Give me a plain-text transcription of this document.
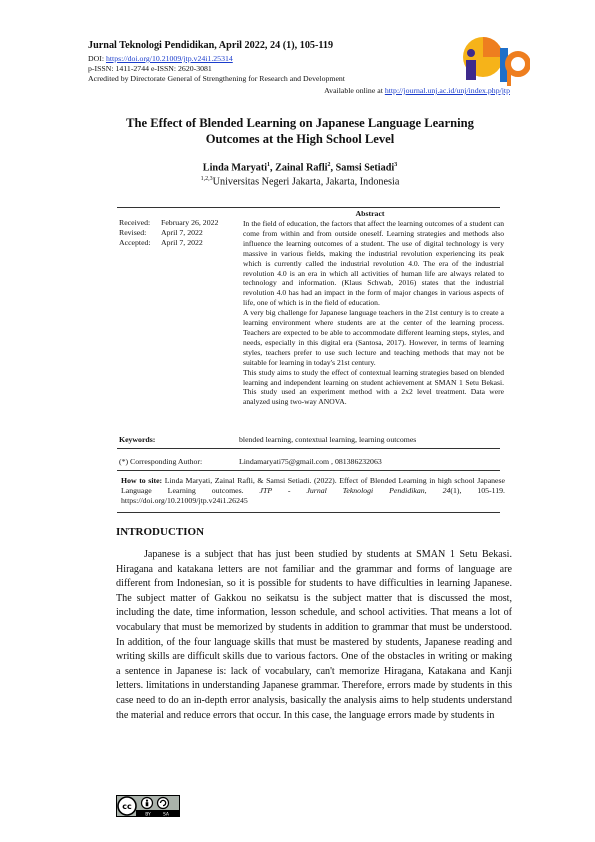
Jurnal Teknologi Pendidikan, April 2022, 24 (1), 105-119
DOI: https://doi.org/10.21009/jtp.v24i1.25314
p-ISSN: 1411-2744 e-ISSN: 2620-3081
Acredited by Directorate General of Strengthening for Research and Development
Available online at http://journal.unj.ac.id/unj/index.php/jtp
The Effect of Blended Learning on Japanese Language Learning
Outcomes at the High School Level
Linda Maryati$^1$, Zainal Rafli$^2$, Samsi Setiadi$^3$
$^{1,2,3}$Universitas Negeri Jakarta, Jakarta, Indonesia
Abstract
Received:	February 26, 2022
Revised:	April 7, 2022
Accepted:	April 7, 2022

In the field of education, the factors that affect the learning outcomes of a student can come from within and from outside oneself. Learning strategies and methods also influence the learning outcomes of a student. The use of digital technology is very massive in various fields, making the industrial revolution experiencing its peak which is currently called the industrial revolution 4.0. The era of the industrial revolution 4.0 is an era in which all activities of human life are always related to technology and information. (Klaus Schwab, 2016) states that the industrial revolution 4.0 has had an impact in the form of major changes in various aspects of life, one of which is in the field of education.

A very big challenge for Japanese language teachers in the 21st century is to create a learning environment where students are at the center of the learning process. Teachers are expected to be able to accommodate different learning steps, styles, and needs, especially in this digital era (Santosa, 2017). However, in terms of learning styles, teachers prefer to use such lecture and teaching methods that may not be suitable for learning in today's 21st century.

This study aims to study the effect of contextual learning strategies based on blended learning and independent learning on student achievement at SMAN 1 Setu Bekasi. This study used an experiment method with a 2x2 level treatment. Data were analyzed using two-way ANOVA.

Keywords:	blended learning, contextual learning, learning outcomes
(*) Corresponding Author:	Lindamaryati75@gmail.com , 081386232063
How to site: Linda Maryati, Zainal Rafli, & Samsi Setiadi. (2022). Effect of Blended Learning in high school Japanese Language Learning outcomes. JTP - Jurnal Teknologi Pendidikan, 24(1), 105-119. https://doi.org/10.21009/jtp.v24i1.26245
INTRODUCTION

Japanese is a subject that has just been studied by students at SMAN 1 Setu Bekasi. Hiragana and katakana letters are not familiar and the grammar and forms of language are different from Indonesian, so it is possible for students to have difficulties in learning Japanese. The subject matter of Gakkou no seikatsu is the subject matter that is discussed the most, including the date, time information, lesson schedule, and school activities. That means a lot of vocabulary that must be memorized by students in addition to grammar that must be understood. In addition, of the four language skills that must be mastered by students, Japanese reading and writing skills are difficult skills due to various factors. One of the obstacles in writing or making a sentence in Japanese is: lack of vocabulary, can't memorize Hiragana, Katakana and Kanji letters. limitations in understanding Japanese grammar. Therefore, errors made by students in this case need to do an in-depth error analysis, basically the analysis aims to help students understand the material and reduce errors that occur. In this case, the language errors made by students in

cc
BY	SA
